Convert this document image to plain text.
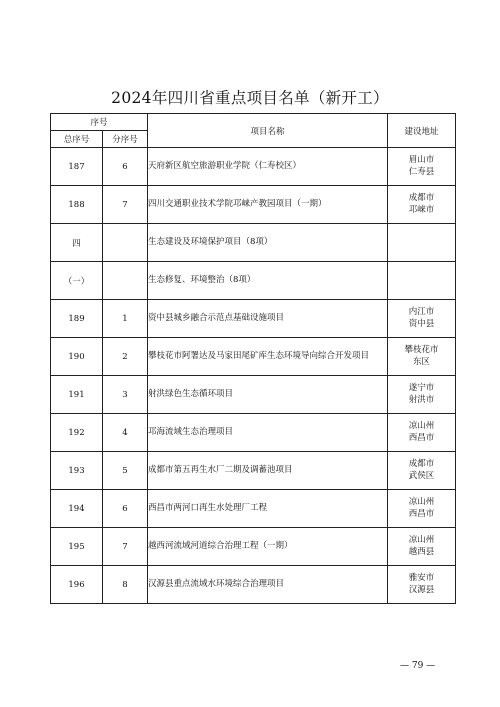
2024年四川省重点项目名单（新开工）
序号		项目名称	建设地址
总序号	分序号		
187	6	天府新区航空旅游职业学院（仁寿校区）	眉山市
仁寿县

188	7	四川交通职业技术学院邛崃产教园项目（一期）	成都市
邛崃市

四		生态建设及环境保护项目（8项）	

（一）		生态修复、环境整治（8项）	

189	1	资中县城乡融合示范点基础设施项目	内江市
资中县

190	2	攀枝花市阿署达及马家田尾矿库生态环境导向综合开发项目	攀枝花市
东区

191	3	射洪绿色生态循环项目	遂宁市
射洪市

192	4	邛海流域生态治理项目	凉山州
西昌市

193	5	成都市第五再生水厂二期及调蓄池项目	成都市
武侯区

194	6	西昌市两河口再生水处理厂工程	凉山州
西昌市

195	7	越西河流域河道综合治理工程（一期）	凉山州
越西县

196	8	汉源县重点流域水环境综合治理项目	雅安市
汉源县
— 79 —
